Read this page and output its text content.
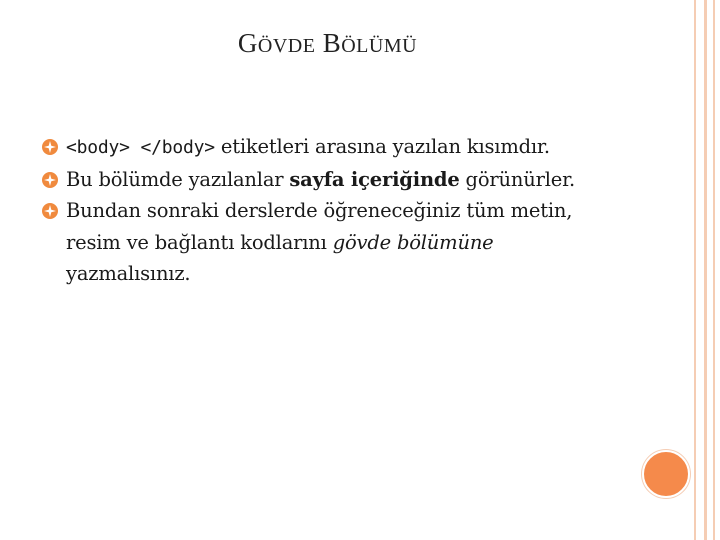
GÖVDE BÖLÜMÜ
<body> </body> etiketleri arasına yazılan kısımdır.
Bu bölümde yazılanlar sayfa içeriğinde görünürler.
Bundan sonraki derslerde öğreneceğiniz tüm metin, resim ve bağlantı kodlarını gövde bölümüne yazmalısınız.
